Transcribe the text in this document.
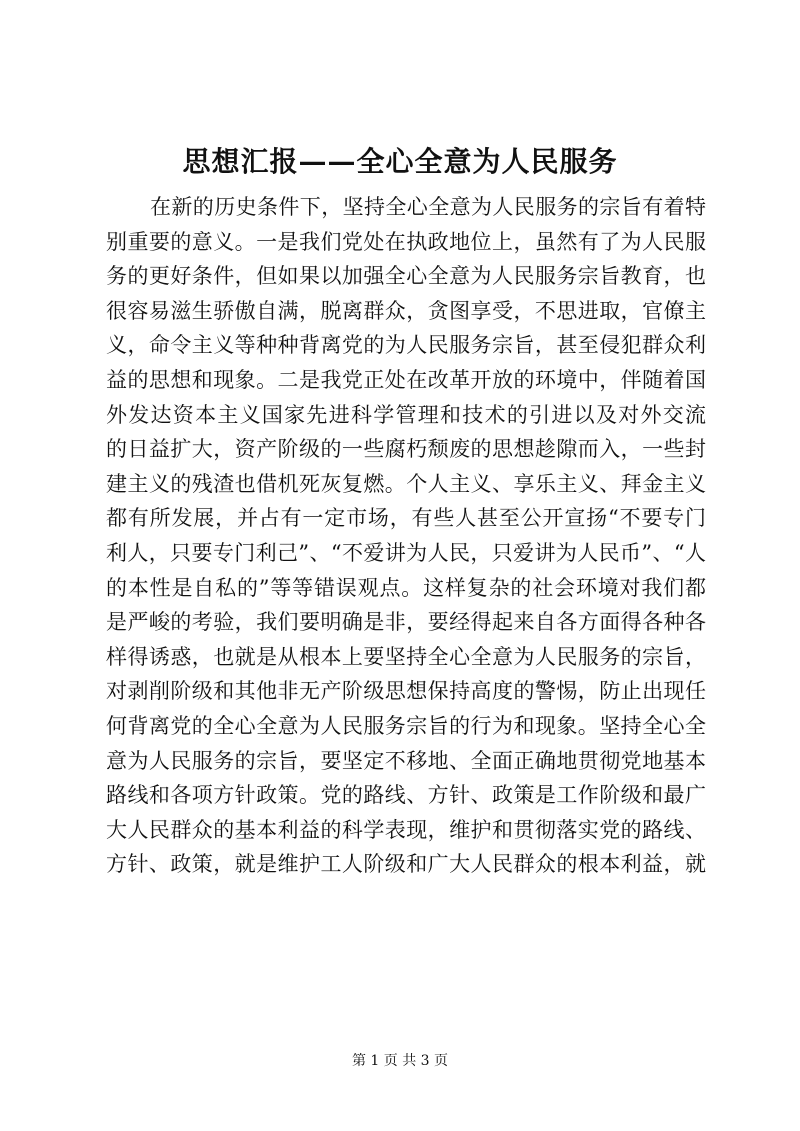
思想汇报——全心全意为人民服务
在新的历史条件下，坚持全心全意为人民服务的宗旨有着特
别重要的意义。一是我们党处在执政地位上，虽然有了为人民服
务的更好条件，但如果以加强全心全意为人民服务宗旨教育，也
很容易滋生骄傲自满，脱离群众，贪图享受，不思进取，官僚主
义，命令主义等种种背离党的为人民服务宗旨，甚至侵犯群众利
益的思想和现象。二是我党正处在改革开放的环境中，伴随着国
外发达资本主义国家先进科学管理和技术的引进以及对外交流
的日益扩大，资产阶级的一些腐朽颓废的思想趁隙而入，一些封
建主义的残渣也借机死灰复燃。个人主义、享乐主义、拜金主义
都有所发展，并占有一定市场，有些人甚至公开宣扬“不要专门
利人，只要专门利己”、“不爱讲为人民，只爱讲为人民币”、“人
的本性是自私的”等等错误观点。这样复杂的社会环境对我们都
是严峻的考验，我们要明确是非，要经得起来自各方面得各种各
样得诱惑，也就是从根本上要坚持全心全意为人民服务的宗旨，
对剥削阶级和其他非无产阶级思想保持高度的警惕，防止出现任
何背离党的全心全意为人民服务宗旨的行为和现象。坚持全心全
意为人民服务的宗旨，要坚定不移地、全面正确地贯彻党地基本
路线和各项方针政策。党的路线、方针、政策是工作阶级和最广
大人民群众的基本利益的科学表现，维护和贯彻落实党的路线、
方针、政策，就是维护工人阶级和广大人民群众的根本利益，就
第 1 页 共 3 页
